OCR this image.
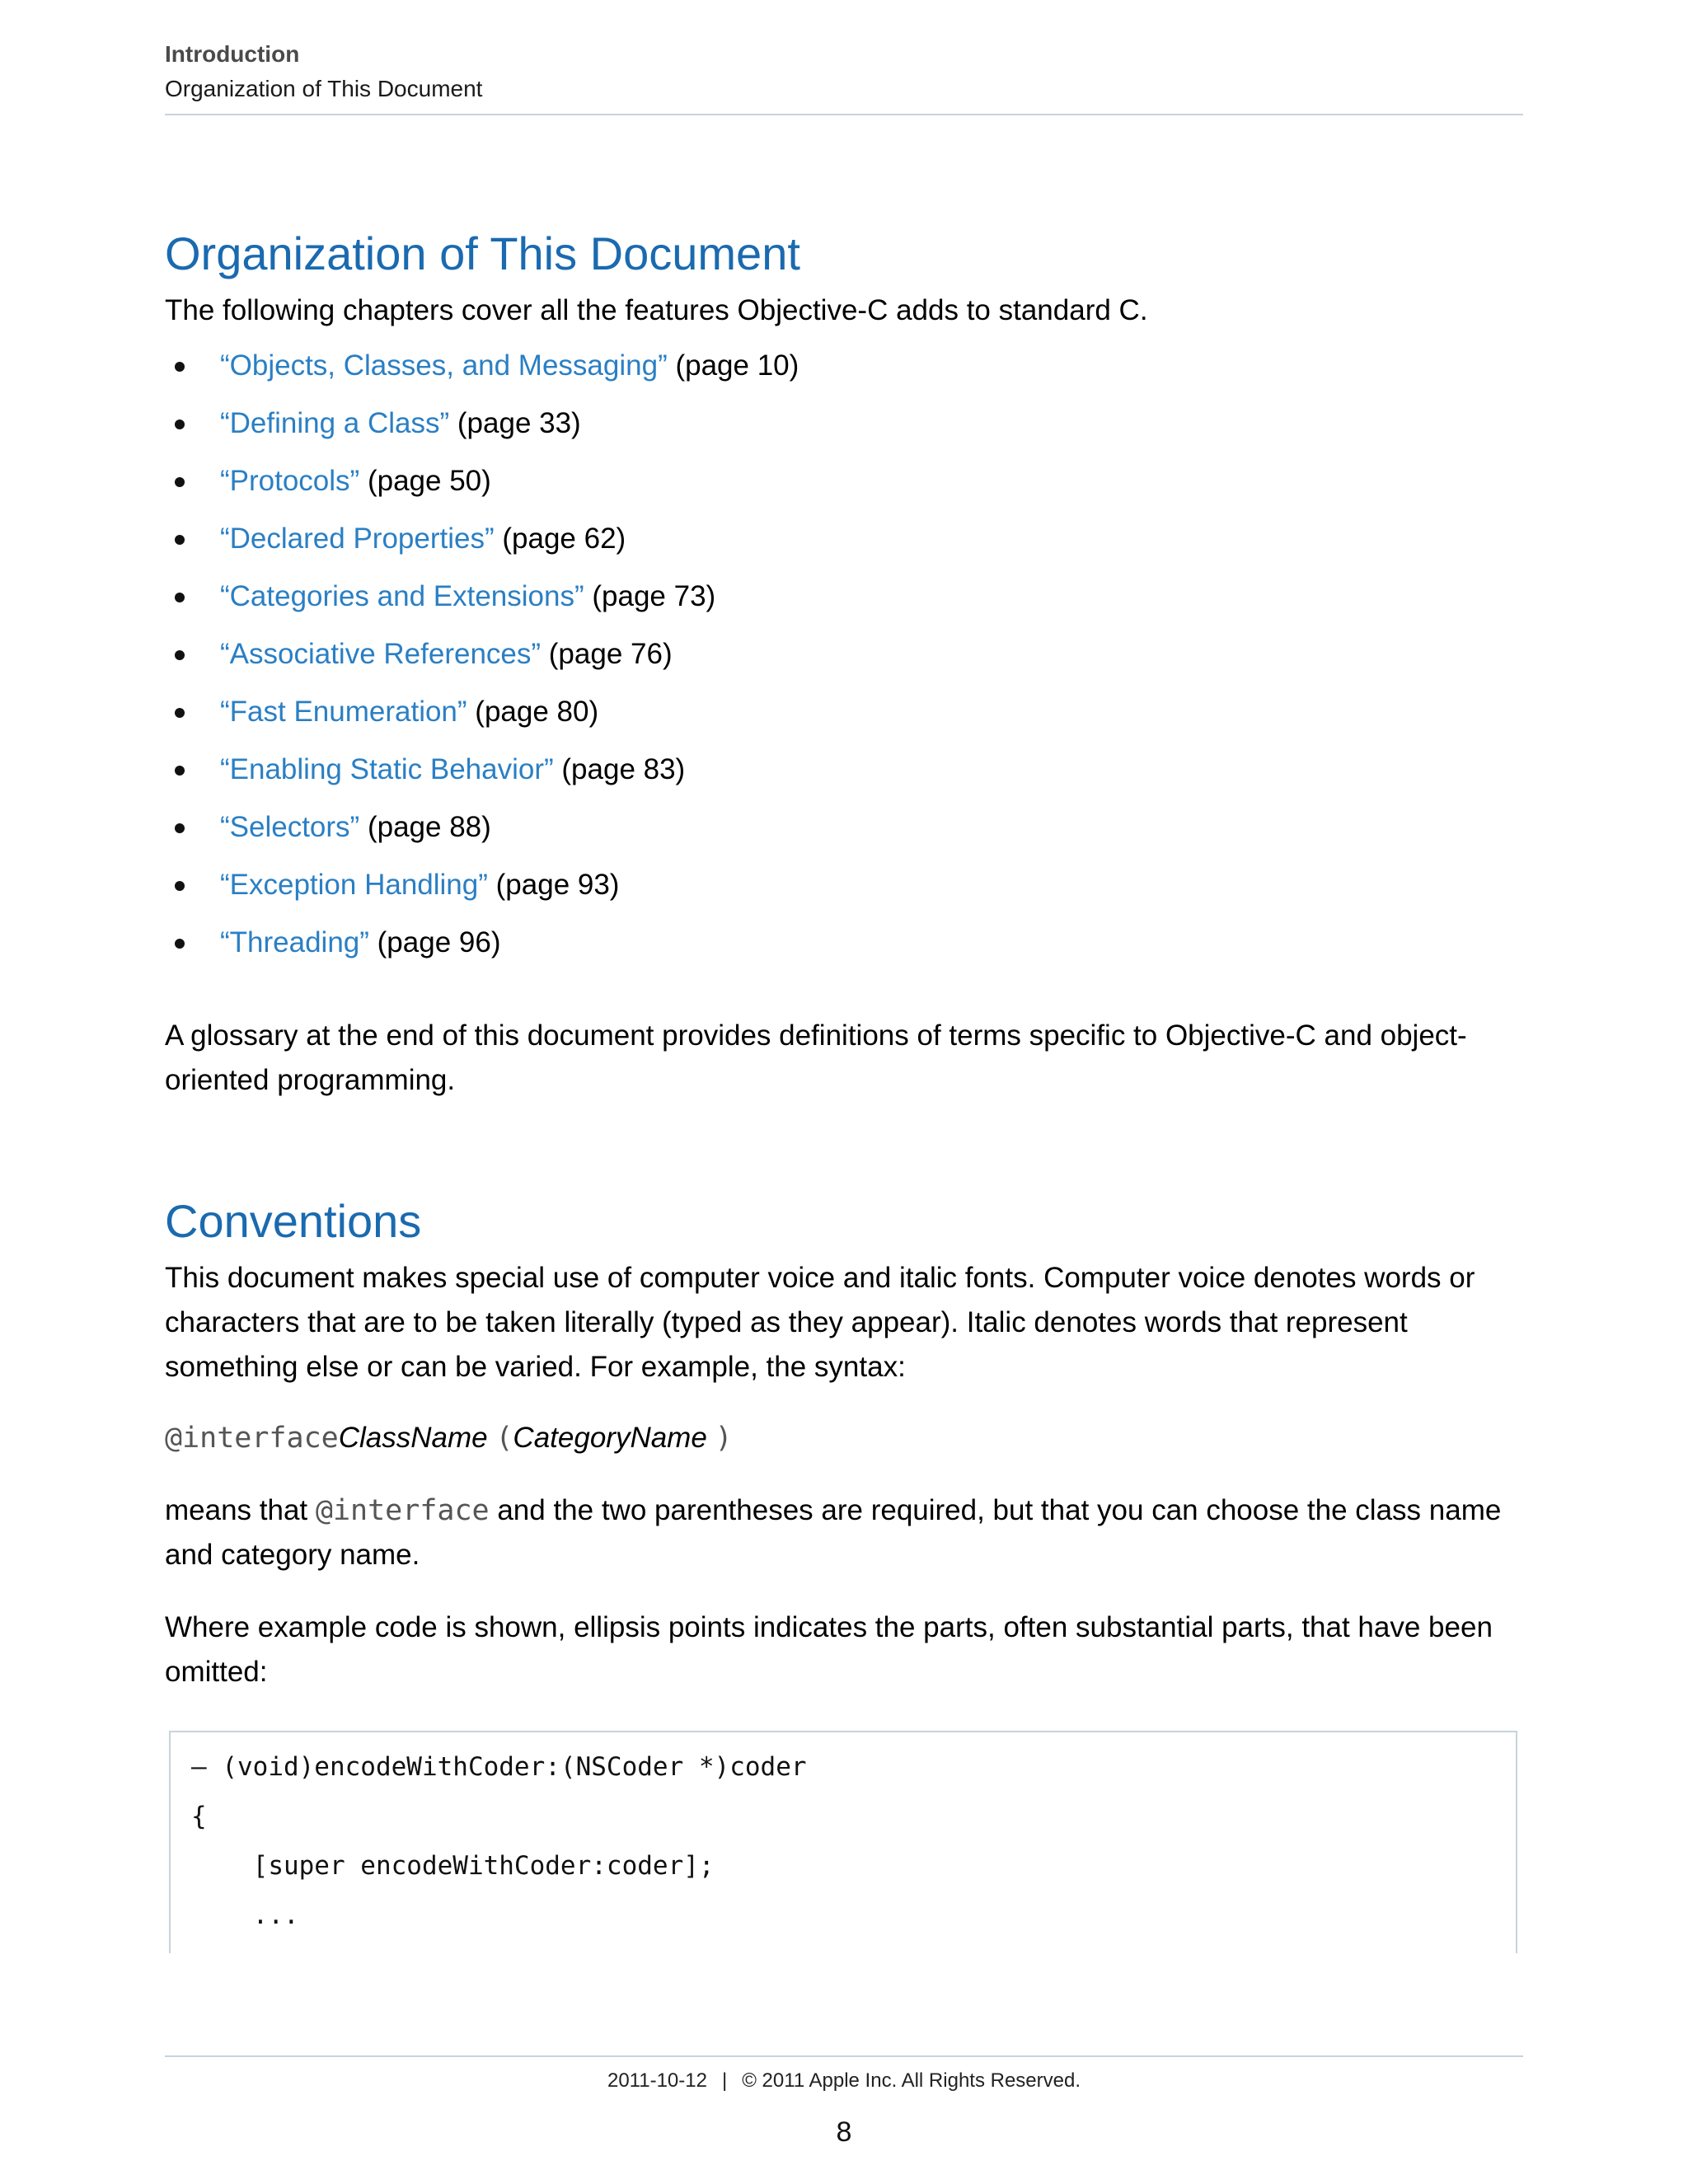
Introduction
Organization of This Document
Organization of This Document

The following chapters cover all the features Objective-C adds to standard C.

“Objects, Classes, and Messaging” (page 10)
“Defining a Class” (page 33)
“Protocols” (page 50)
“Declared Properties” (page 62)
“Categories and Extensions” (page 73)
“Associative References” (page 76)
“Fast Enumeration” (page 80)
“Enabling Static Behavior” (page 83)
“Selectors” (page 88)
“Exception Handling” (page 93)
“Threading” (page 96)

A glossary at the end of this document provides definitions of terms specific to Objective-C and object-oriented programming.

Conventions

This document makes special use of computer voice and italic fonts. Computer voice denotes words or characters that are to be taken literally (typed as they appear). Italic denotes words that represent something else or can be varied. For example, the syntax:

@interfaceClassName (CategoryName )

means that @interface and the two parentheses are required, but that you can choose the class name and category name.

Where example code is shown, ellipsis points indicates the parts, often substantial parts, that have been omitted:

– (void)encodeWithCoder:(NSCoder *)coder
{
[super encodeWithCoder:coder];
...
2011-10-12 | © 2011 Apple Inc. All Rights Reserved.
8
